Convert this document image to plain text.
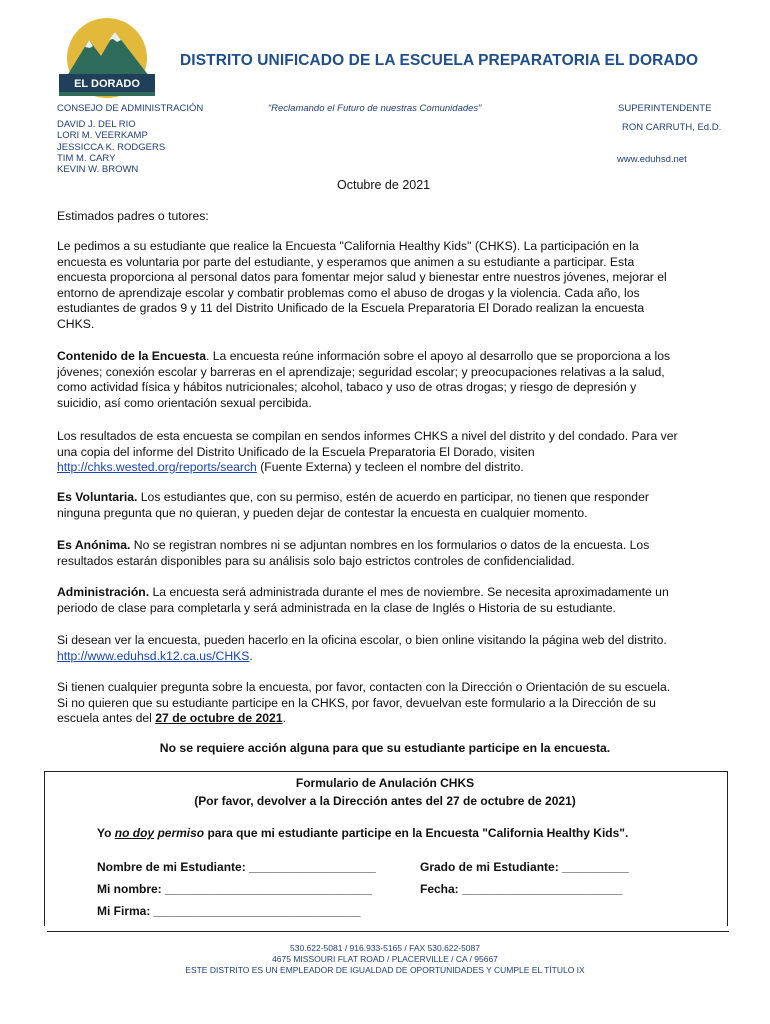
EL DORADO
DISTRITO UNIFICADO DE LA ESCUELA PREPARATORIA EL DORADO
CONSEJO DE ADMINISTRACIÓN
DAVID J. DEL RIO
LORI M. VEERKAMP
JESSICCA K. RODGERS
TIM M. CARY
KEVIN W. BROWN
“Reclamando el Futuro de nuestras Comunidades”	SUPERINTENDENTE
RON CARRUTH, Ed.D.
www.eduhsd.net
Octubre de 2021
Estimados padres o tutores:

Le pedimos a su estudiante que realice la Encuesta "California Healthy Kids" (CHKS). La participación en la encuesta es voluntaria por parte del estudiante, y esperamos que animen a su estudiante a participar. Esta encuesta proporciona al personal datos para fomentar mejor salud y bienestar entre nuestros jóvenes, mejorar el entorno de aprendizaje escolar y combatir problemas como el abuso de drogas y la violencia. Cada año, los estudiantes de grados 9 y 11 del Distrito Unificado de la Escuela Preparatoria El Dorado realizan la encuesta CHKS.

Contenido de la Encuesta. La encuesta reúne información sobre el apoyo al desarrollo que se proporciona a los jóvenes; conexión escolar y barreras en el aprendizaje; seguridad escolar; y preocupaciones relativas a la salud, como actividad física y hábitos nutricionales; alcohol, tabaco y uso de otras drogas; y riesgo de depresión y suicidio, así como orientación sexual percibida.

Los resultados de esta encuesta se compilan en sendos informes CHKS a nivel del distrito y del condado. Para ver una copia del informe del Distrito Unificado de la Escuela Preparatoria El Dorado, visiten http://chks.wested.org/reports/search (Fuente Externa) y tecleen el nombre del distrito.

Es Voluntaria. Los estudiantes que, con su permiso, estén de acuerdo en participar, no tienen que responder ninguna pregunta que no quieran, y pueden dejar de contestar la encuesta en cualquier momento.

Es Anónima. No se registran nombres ni se adjuntan nombres en los formularios o datos de la encuesta. Los resultados estarán disponibles para su análisis solo bajo estrictos controles de confidencialidad.

Administración. La encuesta será administrada durante el mes de noviembre. Se necesita aproximadamente un periodo de clase para completarla y será administrada en la clase de Inglés o Historia de su estudiante.

Si desean ver la encuesta, pueden hacerlo en la oficina escolar, o bien online visitando la página web del distrito. http://www.eduhsd.k12.ca.us/CHKS.

Si tienen cualquier pregunta sobre la encuesta, por favor, contacten con la Dirección o Orientación de su escuela. Si no quieren que su estudiante participe en la CHKS, por favor, devuelvan este formulario a la Dirección de su escuela antes del 27 de octubre de 2021.

No se requiere acción alguna para que su estudiante participe en la encuesta.
Formulario de Anulación CHKS
(Por favor, devolver a la Dirección antes del 27 de octubre de 2021)
Yo no doy permiso para que mi estudiante participe en la Encuesta "California Healthy Kids".
Nombre de mi Estudiante: ___________________	Grado de mi Estudiante: __________
Mi nombre: _______________________________	Fecha: ________________________
Mi Firma: _______________________________
530.622-5081 / 916.933-5165 / FAX 530.622-5087
4675 MISSOURI FLAT ROAD / PLACERVILLE / CA / 95667
ESTE DISTRITO ES UN EMPLEADOR DE IGUALDAD DE OPORTUNIDADES Y CUMPLE EL TÍTULO IX
